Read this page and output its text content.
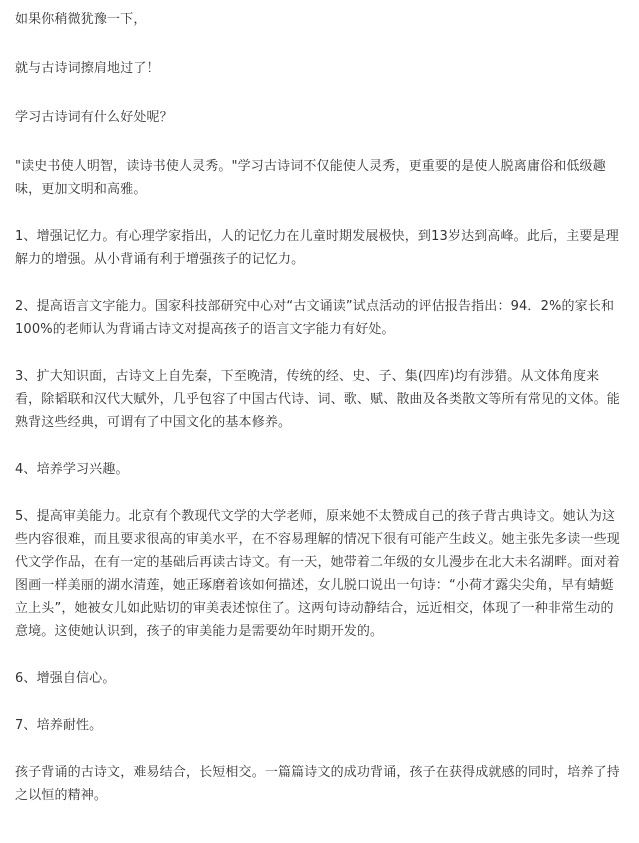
如果你稍微犹豫一下，

就与古诗词擦肩地过了！

学习古诗词有什么好处呢？

"读史书使人明智，读诗书使人灵秀。"学习古诗词不仅能使人灵秀，更重要的是使人脱离庸俗和低级趣味，更加文明和高雅。

1、增强记忆力。有心理学家指出，人的记忆力在儿童时期发展极快，到13岁达到高峰。此后，主要是理解力的增强。从小背诵有利于增强孩子的记忆力。

2、提高语言文字能力。国家科技部研究中心对“古文诵读”试点活动的评估报告指出：94．2%的家长和100%的老师认为背诵古诗文对提高孩子的语言文字能力有好处。

3、扩大知识面，古诗文上自先秦，下至晚清，传统的经、史、子、集(四库)均有涉猎。从文体角度来看，除韬联和汉代大赋外，几乎包容了中国古代诗、词、歌、赋、散曲及各类散文等所有常见的文体。能熟背这些经典，可谓有了中国文化的基本修养。

4、培养学习兴趣。

5、提高审美能力。北京有个教现代文学的大学老师，原来她不太赞成自己的孩子背古典诗文。她认为这些内容很难，而且要求很高的审美水平，在不容易理解的情况下很有可能产生歧义。她主张先多读一些现代文学作品，在有一定的基础后再读古诗文。有一天，她带着二年级的女儿漫步在北大未名湖畔。面对着图画一样美丽的湖水清莲，她正琢磨着该如何描述，女儿脱口说出一句诗：“小荷才露尖尖角，早有蜻蜓立上头”，她被女儿如此贴切的审美表述惊住了。这两句诗动静结合，远近相交，体现了一种非常生动的意境。这使她认识到，孩子的审美能力是需要幼年时期开发的。

6、增强自信心。

7、培养耐性。

孩子背诵的古诗文，难易结合，长短相交。一篇篇诗文的成功背诵，孩子在获得成就感的同时，培养了持之以恒的精神。
